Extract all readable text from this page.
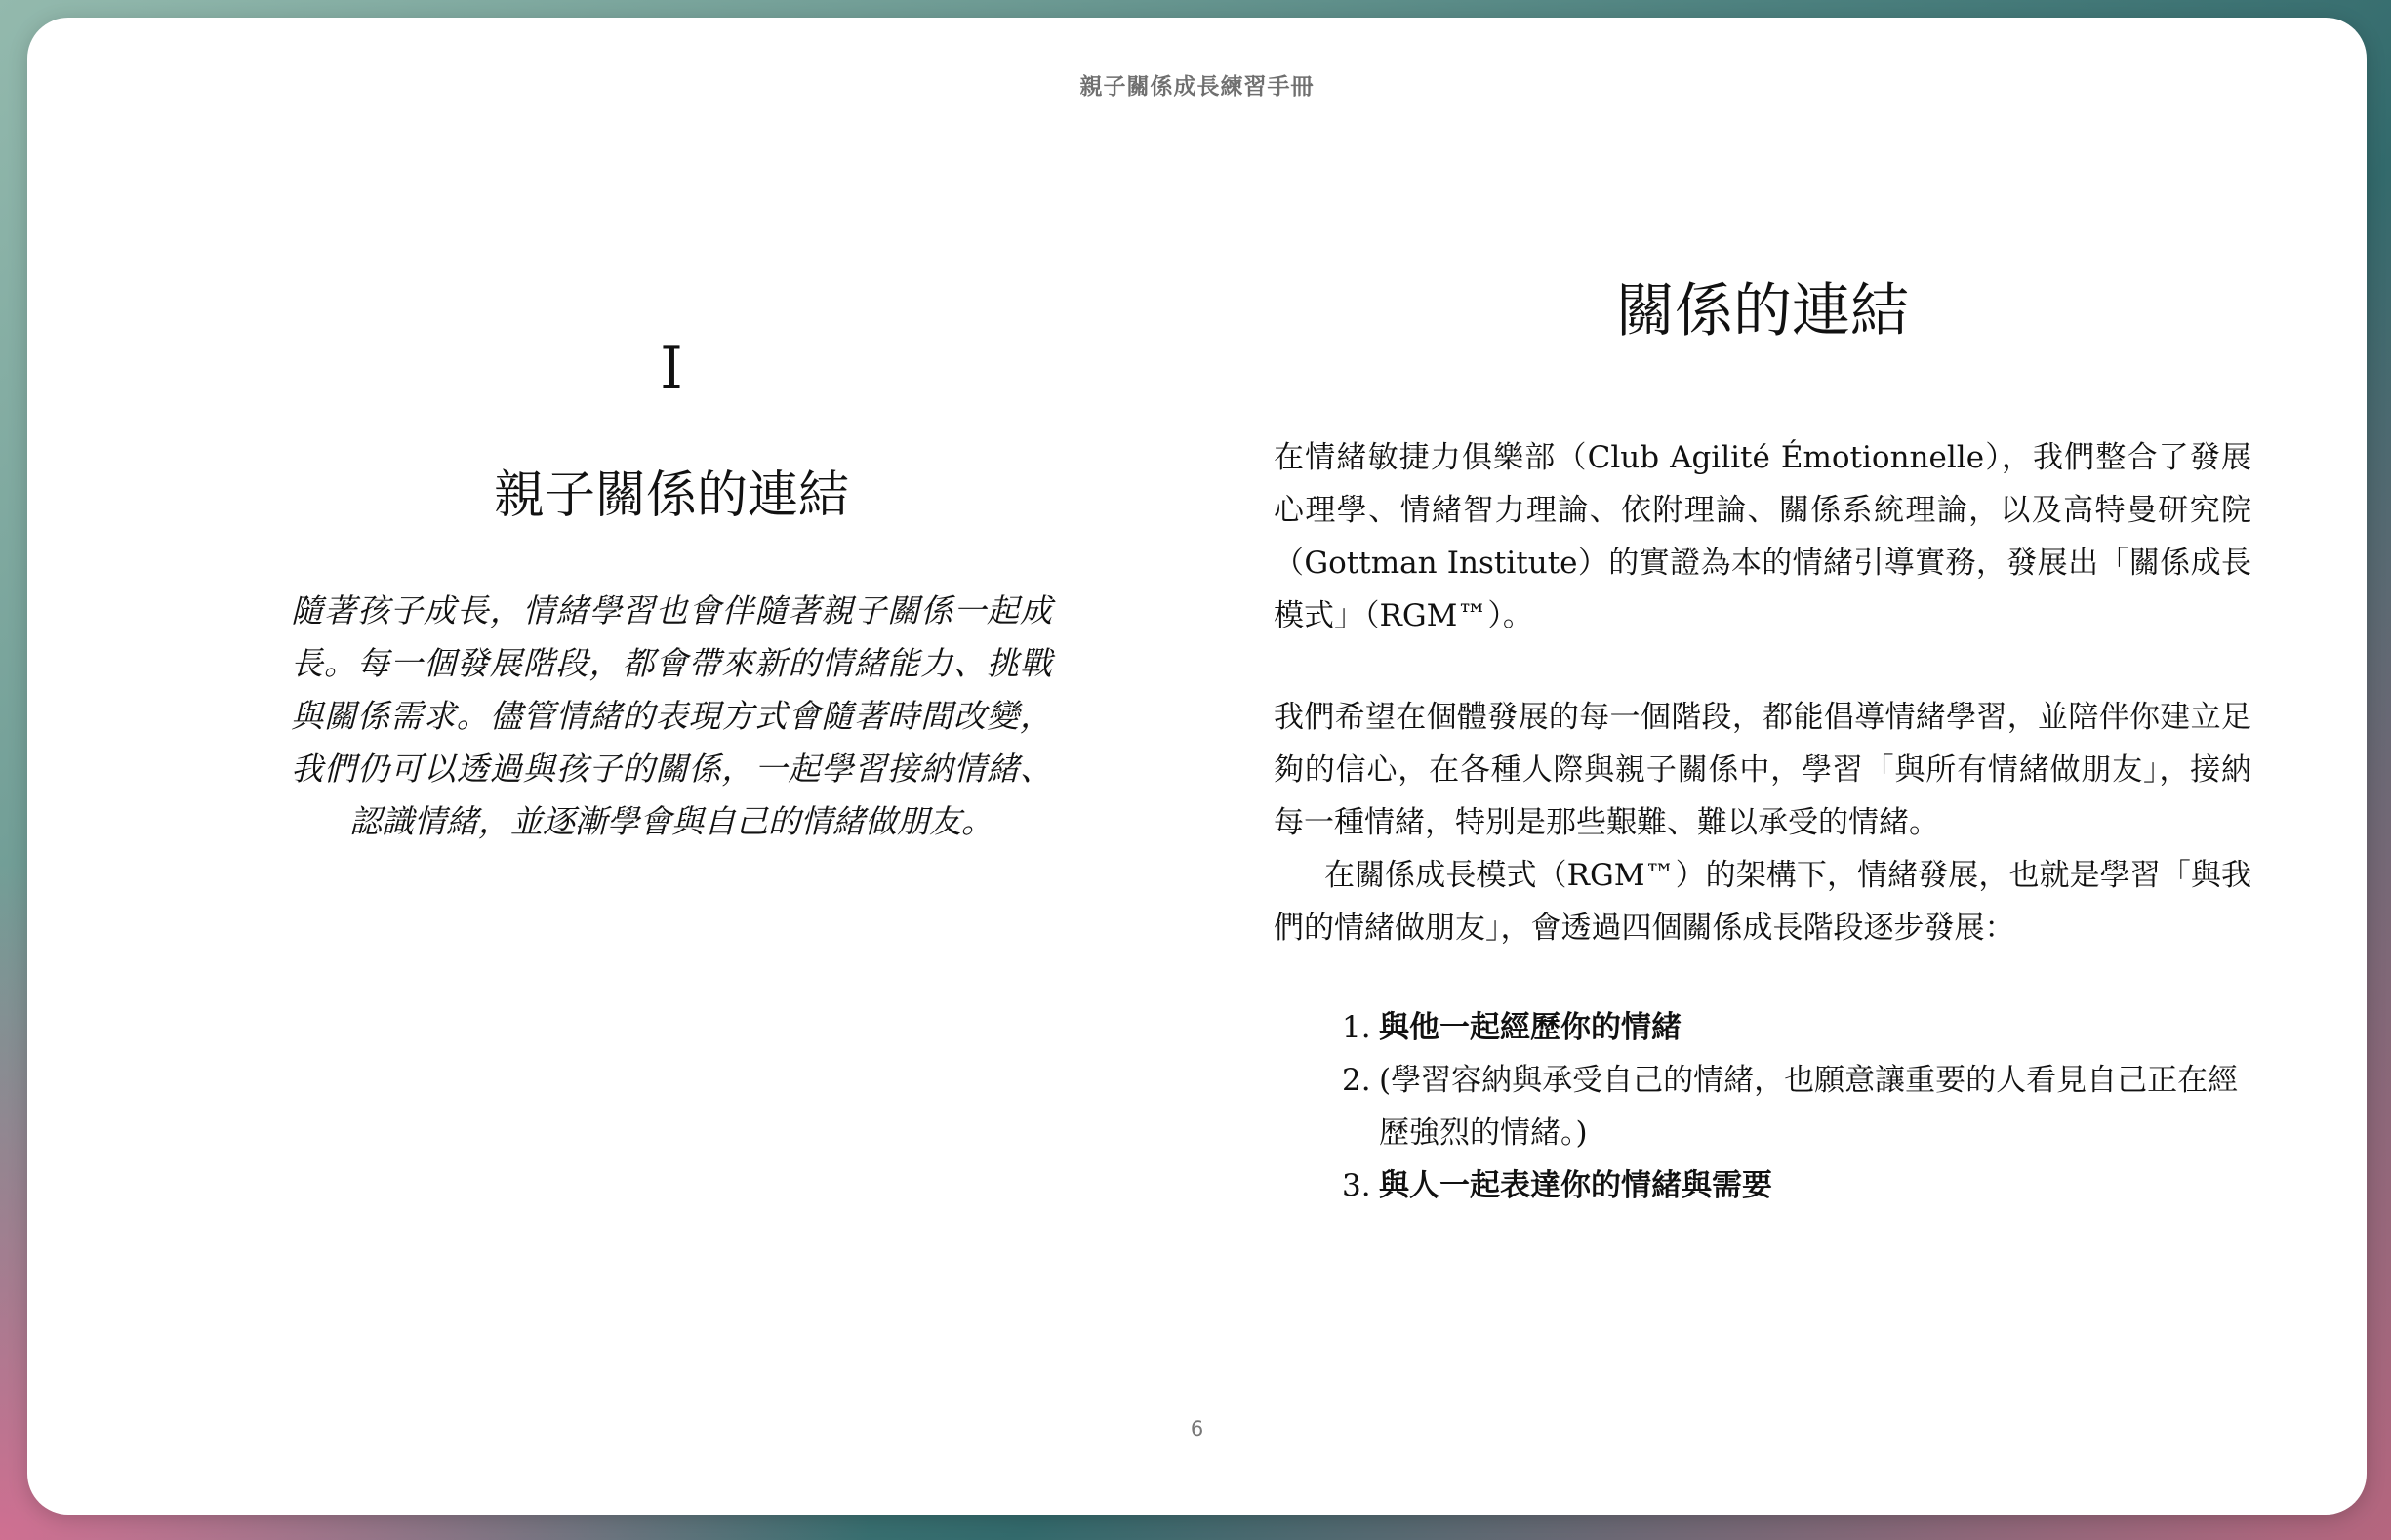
親子關係成長練習手冊
I
親子關係的連結

隨著孩子成長，情緒學習也會伴隨著親子關係一起成長。每一個發展階段，都會帶來新的情緒能力、挑戰與關係需求。儘管情緒的表現方式會隨著時間改變，我們仍可以透過與孩子的關係，一起學習接納情緒、認識情緒，並逐漸學會與自己的情緒做朋友。

關係的連結

在情緒敏捷力俱樂部（Club Agilité Émotionnelle），我們整合了發展心理學、情緒智力理論、依附理論、關係系統理論，以及高特曼研究院（Gottman Institute）的實證為本的情緒引導實務，發展出「關係成長模式」（RGM™）。

我們希望在個體發展的每一個階段，都能倡導情緒學習，並陪伴你建立足夠的信心，在各種人際與親子關係中，學習「與所有情緒做朋友」，接納每一種情緒，特別是那些艱難、難以承受的情緒。

在關係成長模式（RGM™）的架構下，情緒發展，也就是學習「與我們的情緒做朋友」，會透過四個關係成長階段逐步發展：

1. 與他一起經歷你的情緒
2. (學習容納與承受自己的情緒，也願意讓重要的人看見自己正在經歷強烈的情緒。)
3. 與人一起表達你的情緒與需要
6
